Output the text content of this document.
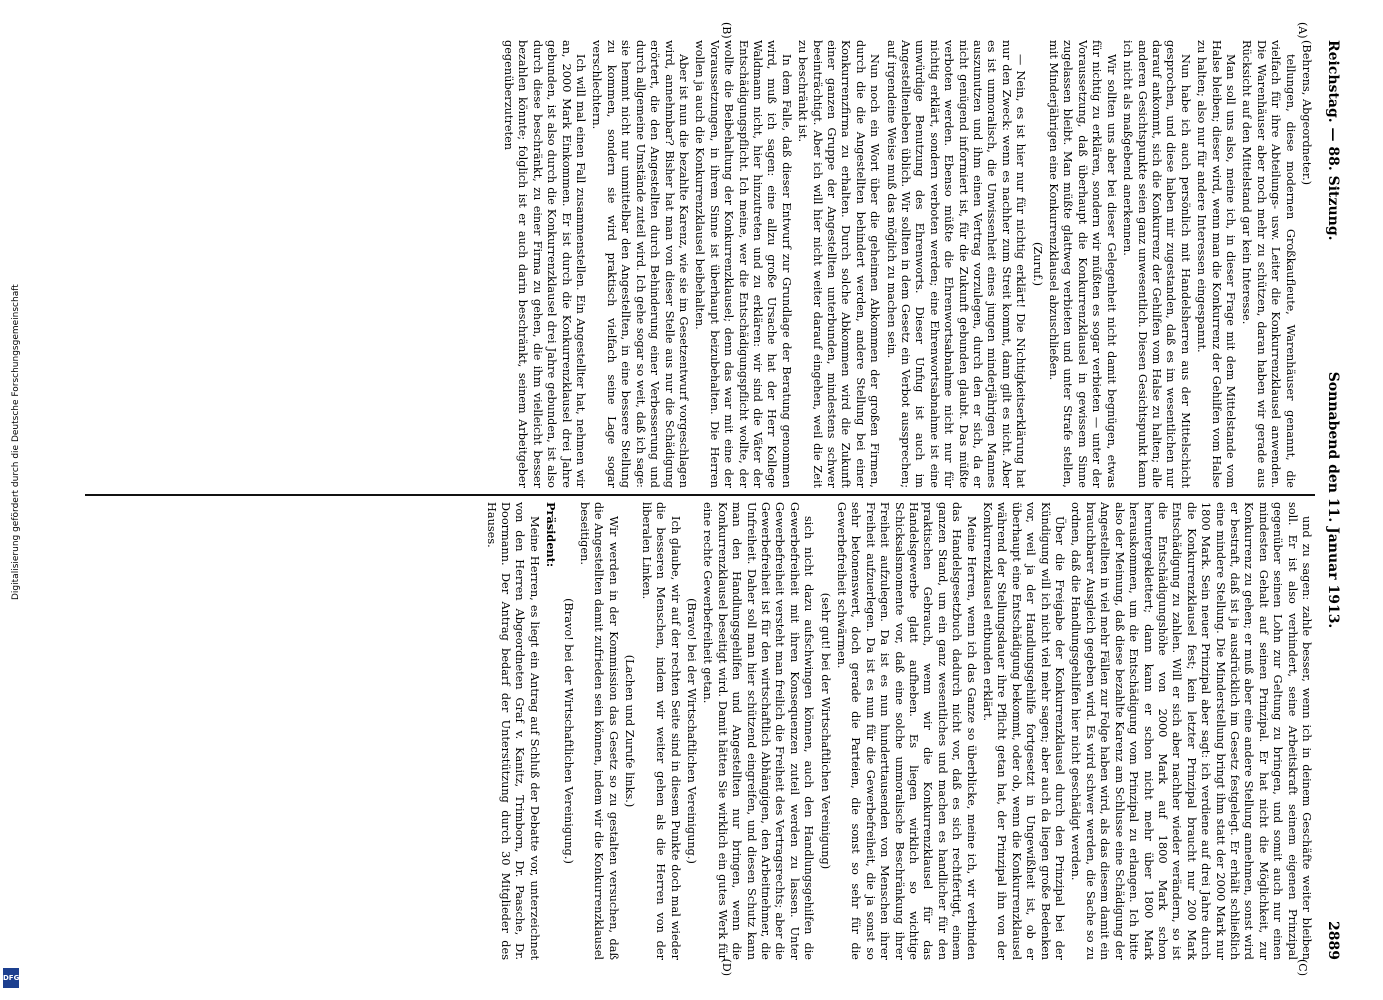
Digitalisierung gefördert durch die Deutsche Forschungsgemeinschaft
DFG
Reichstag. — 88. Sitzung.
Sonnabend den 11. Januar 1913.
2889
(A)
(B)
(C)
(D)

(Behrens, Abgeordneter.)

tellungen, diese modernen Großkaufleute, Warenhäuser genannt, die vielfach für ihre Abteilungs- usw. Leiter die Konkurrenzklausel anwenden. Die Warenhäuser aber noch mehr zu schützen, daran haben wir gerade aus Rücksicht auf den Mittelstand gar kein Interesse.

Man soll uns also, meine ich, in dieser Frage mit dem Mittelstande vom Halse bleiben; dieser wird, wenn man die Konkurrenz der Gehilfen vom Halse zu halten; also nur für andere Interessen eingespannt.

Nun habe ich auch persönlich mit Handelsherren aus der Mittelschicht gesprochen, und diese haben mir zugestanden, daß es im wesentlichen nur darauf ankommt, sich die Konkurrenz der Gehilfen vom Halse zu halten; alle anderen Gesichtspunkte seien ganz unwesentlich. Diesen Gesichtspunkt kann ich nicht als maßgebend anerkennen.

Wir sollten uns aber bei dieser Gelegenheit nicht damit begnügen, etwas für nichtig zu erklären, sondern wir müßten es sogar verbieten — unter der Voraussetzung, daß überhaupt die Konkurrenzklausel in gewissem Sinne zugelassen bleibt. Man müßte glattweg verbieten und unter Strafe stellen, mit Minderjährigen eine Konkurrenzklausel abzuschließen.

(Zuruf.)

— Nein, es ist hier nur für nichtig erklärt! Die Nichtigkeitserklärung hat nur den Zweck: wenn es nachher zum Streit kommt, dann gilt es nicht. Aber es ist unmoralisch, die Unwissenheit eines jungen minderjährigen Mannes auszunutzen und ihm einen Vertrag vorzulegen, durch den er sich, da er nicht genügend informiert ist, für die Zukunft gebunden glaubt. Das müßte verboten werden. Ebenso müßte die Ehrenwortsabnahme nicht nur für nichtig erklärt, sondern verboten werden; eine Ehrenwortsabnahme ist eine unwürdige Benutzung des Ehrenworts. Dieser Unfug ist auch im Angestelltenleben üblich. Wir sollten in dem Gesetz ein Verbot aussprechen; auf irgendeine Weise muß das möglich zu machen sein.

Nun noch ein Wort über die geheimen Abkommen der großen Firmen, durch die die Angestellten behindert werden, andere Stellung bei einer Konkurrenzfirma zu erhalten. Durch solche Abkommen wird die Zukunft einer ganzen Gruppe der Angestellten unterbunden, mindestens schwer beeinträchtigt. Aber ich will hier nicht weiter darauf eingehen, weil die Zeit zu beschränkt ist.

In dem Falle, daß dieser Entwurf zur Grundlage der Beratung genommen wird, muß ich sagen: eine allzu große Ursache hat der Herr Kollege Waldmann nicht, hier hinzutreten und zu erklären: wir sind die Väter der Entschädigungspflicht. Ich meine, wer die Entschädigungspflicht wollte, der wollte die Beibehaltung der Konkurrenzklausel; denn das war mit eine der Voraussetzungen, in ihrem Sinne ist überhaupt beizubehalten. Die Herren wollen ja auch die Konkurrenzklausel beibehalten.

Aber ist nun die bezahlte Karenz, wie sie im Gesetzentwurf vorgeschlagen wird, annehmbar? Bisher hat man von dieser Stelle aus nur die Schädigung erörtert, die den Angestellten durch Behinderung einer Verbesserung und durch allgemeine Umstände zuteil wird. Ich gehe sogar so weit, daß ich sage: sie hemmt nicht nur unmittelbar den Angestellten, in eine bessere Stellung zu kommen, sondern sie wird praktisch vielfach seine Lage sogar verschlechtern.

Ich will mal einen Fall zusammenstellen. Ein Angestellter hat, nehmen wir an, 2000 Mark Einkommen. Er ist durch die Konkurrenzklausel drei Jahre gebunden, ist also durch die Konkurrenzklausel drei Jahre gebunden, ist also durch diese beschränkt, zu einer Firma zu gehen, die ihm vielleicht besser bezahlen könnte; folglich ist er auch darin beschränkt, seinem Arbeitgeber gegenüberzutreten

und zu sagen: zahle besser, wenn ich in deinem Geschäfte weiter bleiben soll. Er ist also verhindert, seine Arbeitskraft seinem eigenen Prinzipal gegenüber seinen Lohn zur Geltung zu bringen, und somit auch nur einen mindesten Gehalt auf seinen Prinzipal. Er hat nicht die Möglichkeit, zur Konkurrenz zu gehen; er muß aber eine andere Stellung annehmen, sonst wird er bestraft, daß ist ja ausdrücklich im Gesetz festgelegt. Er erhält schließlich eine mindere Stellung. Die Minderstellung bringt ihm statt der 2000 Mark nur 1800 Mark. Sein neuer Prinzipal aber sagt: ich verdiene auf drei Jahre durch die Konkurrenzklausel fest; kein letzter Prinzipal braucht nur 200 Mark Entschädigung zu zahlen. Will er sich aber nachher wieder verändern, so ist die Entschädigungshöhe von 2000 Mark auf 1800 Mark schon heruntergeklettert; dann kann er schon nicht mehr über 1800 Mark herauskommen, um die Entschädigung vom Prinzipal zu erlangen. Ich bitte also der Meinung, daß diese bezahlte Karenz am Schlusse eine Schädigung der Angestellten in viel mehr Fällen zur Folge haben wird, als das diesem damit ein brauchbarer Ausgleich gegeben wird. Es wird schwer werden, die Sache so zu ordnen, daß die Handlungsgehilfen hier nicht geschädigt werden.

Über die Freigabe der Konkurrenzklausel durch den Prinzipal bei der Kündigung will ich nicht viel mehr sagen; aber auch da liegen große Bedenken vor, weil ja der Handlungsgehilfe fortgesetzt in Ungewißheit ist, ob er überhaupt eine Entschädigung bekommt, oder ob, wenn die Konkurrenzklausel während der Stellungsdauer ihre Pflicht getan hat, der Prinzipal ihn von der Konkurrenzklausel entbunden erklärt.

Meine Herren, wenn ich das Ganze so überblicke, meine ich, wir verbinden das Handelsgesetzbuch dadurch nicht vor, daß es sich rechtfertigt, einem ganzen Stand, um ein ganz wesentliches und machen es handlicher für den praktischen Gebrauch, wenn wir die Konkurrenzklausel für das Handelsgewerbe glatt aufheben. Es liegen wirklich so wichtige Schicksalsmomente vor, daß eine solche unmoralische Beschränkung ihrer Freiheit aufzulegen. Da ist es nun hunderttausenden von Menschen ihrer Freiheit aufzuerlegen. Da ist es nun für die Gewerbefreiheit, die ja sonst so sehr betonenswert, doch gerade die Parteien, die sonst so sehr für die Gewerbefreiheit schwärmen.

(sehr gut! bei der Wirtschaftlichen Vereinigung)

sich nicht dazu aufschwingen können, auch den Handlungsgehilfen die Gewerbefreiheit mit ihren Konsequenzen zuteil werden zu lassen. Unter Gewerbefreiheit versteht man freilich die Freiheit des Vertragsrechts; aber die Gewerbefreiheit ist für den wirtschaftlich Abhängigen, den Arbeitnehmer, die Unfreiheit. Daher soll man hier schützend eingreifen, und diesen Schutz kann man den Handlungsgehilfen und Angestellten nur bringen, wenn die Konkurrenzklausel beseitigt wird. Damit hätten Sie wirklich ein gutes Werk für eine rechte Gewerbefreiheit getan.

(Bravo! bei der Wirtschaftlichen Vereinigung.)

Ich glaube, wir auf der rechten Seite sind in diesem Punkte doch mal wieder die besseren Menschen, indem wir weiter gehen als die Herren von der liberalen Linken.

(Lachen und Zurufe links.)

Wir werden in der Kommission das Gesetz so zu gestalten versuchen, daß die Angestellten damit zufrieden sein können, indem wir die Konkurrenzklausel beseitigen.

(Bravo! bei der Wirtschaftlichen Vereinigung.)

Präsident:

Meine Herren, es liegt ein Antrag auf Schluß der Debatte vor, unterzeichnet von den Herren Abgeordneten Graf v. Kanitz, Trimborn, Dr. Paasche, Dr. Doormann. Der Antrag bedarf der Unterstützung durch 30 Mitglieder des Hauses.
